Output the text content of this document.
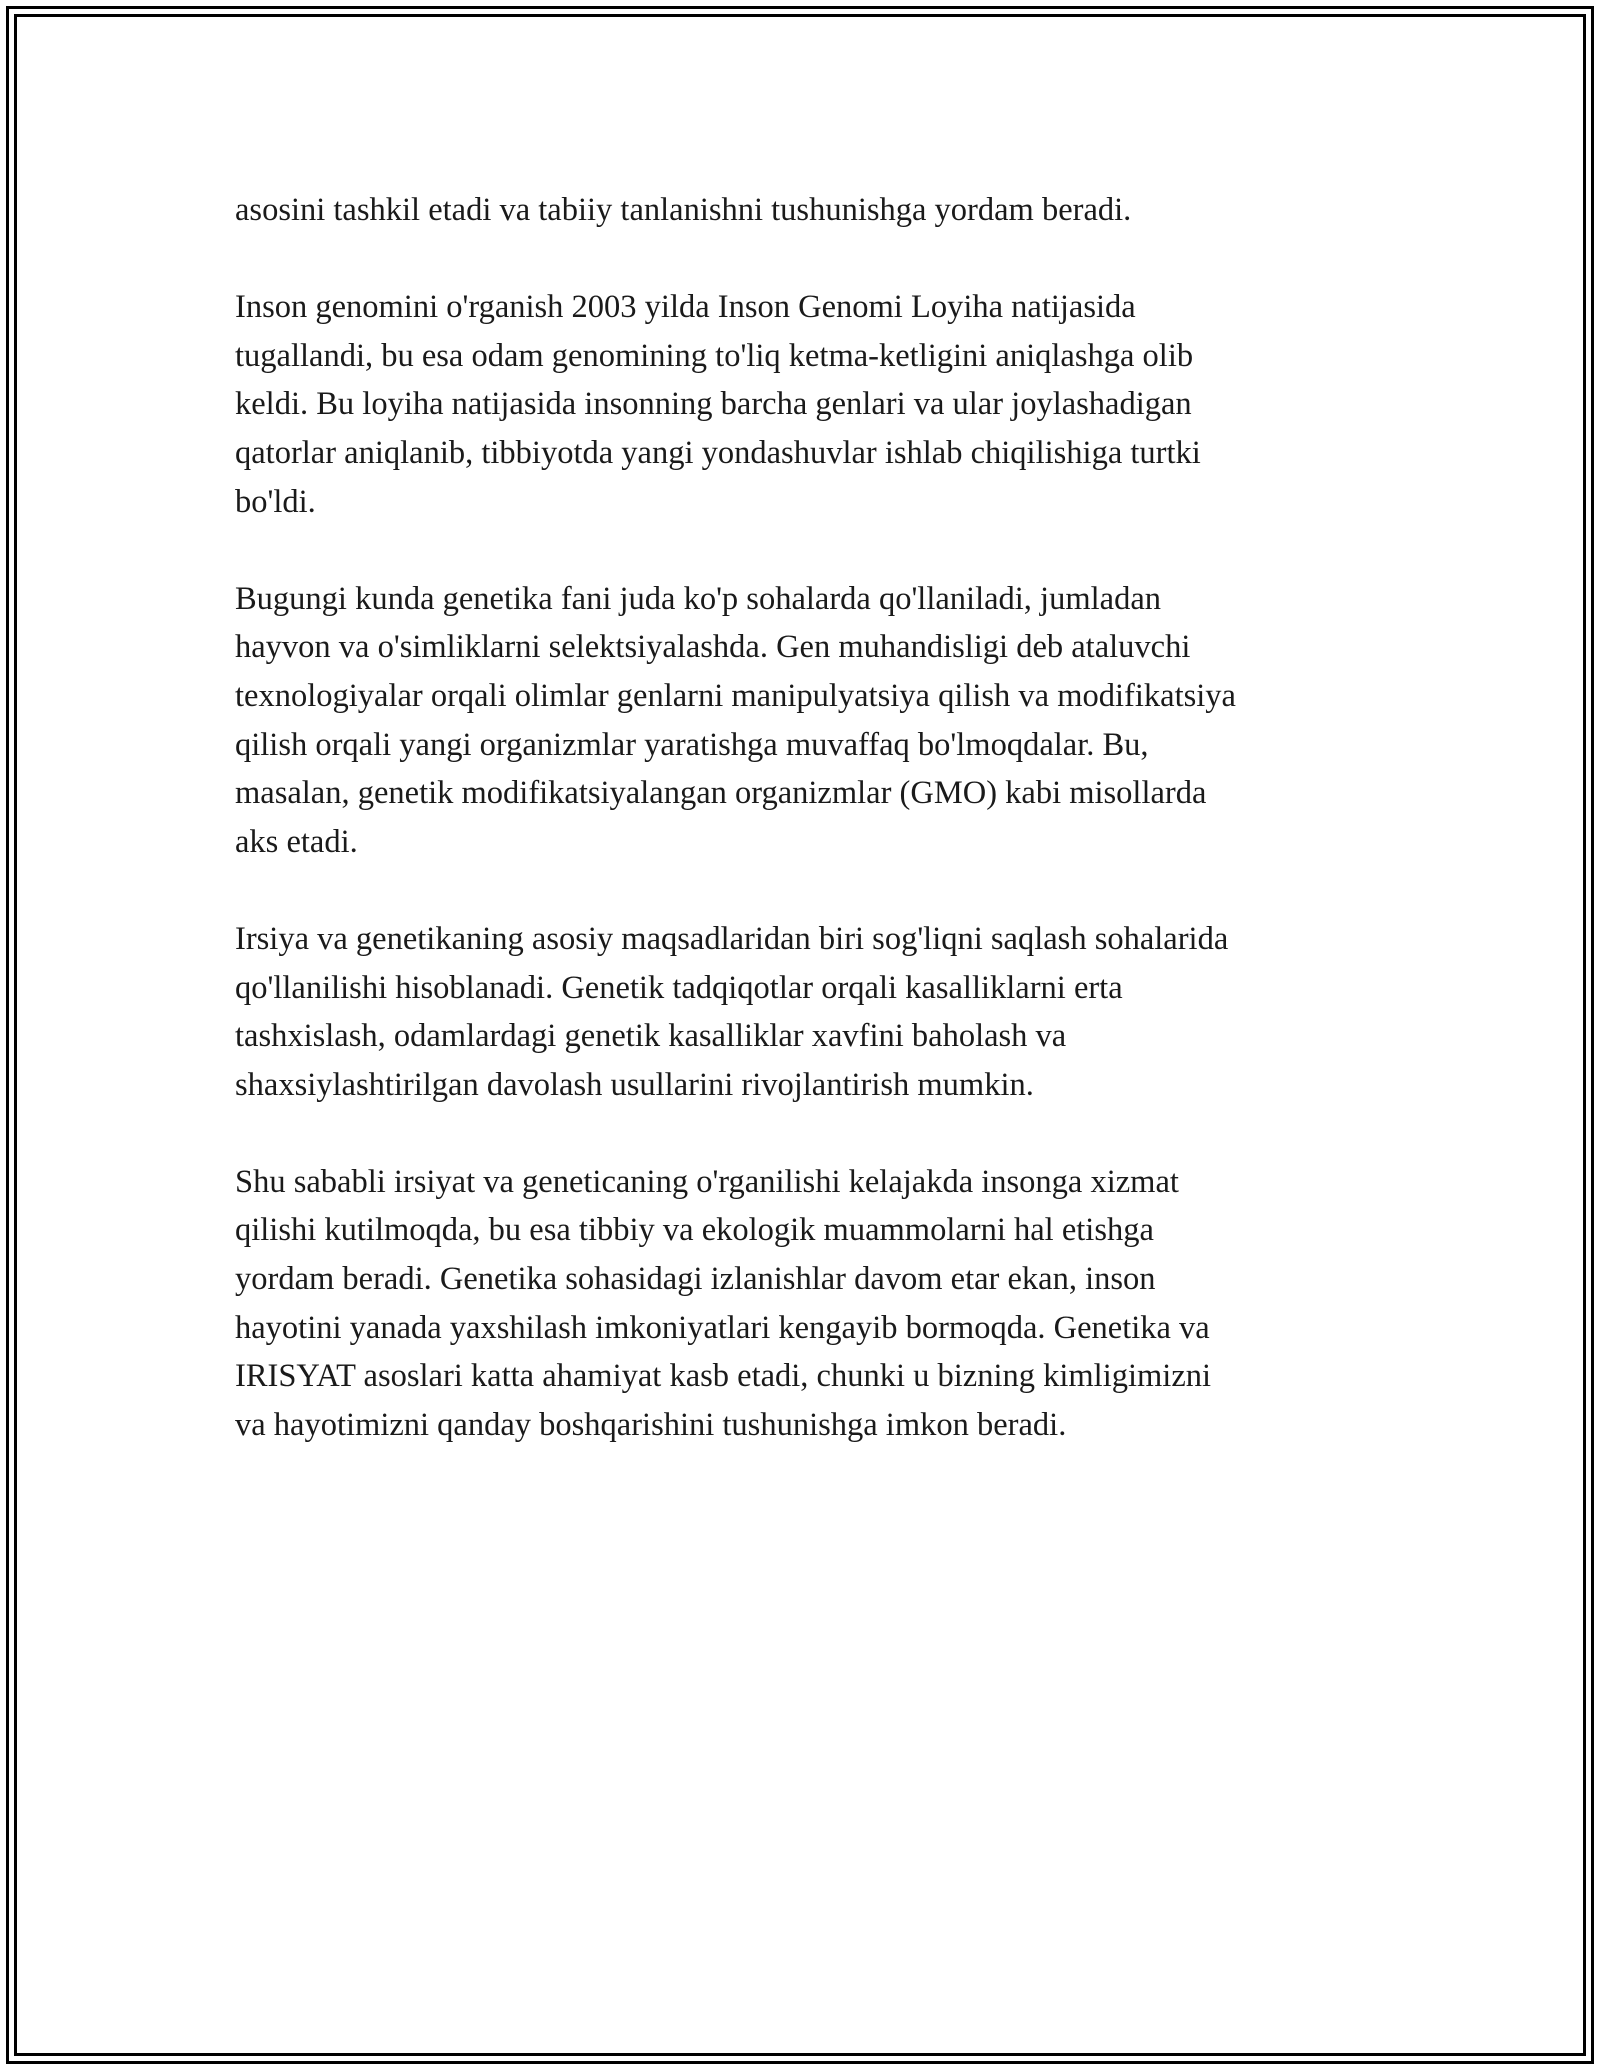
asosini tashkil etadi va tabiiy tanlanishni tushunishga yordam beradi.

Inson genomini o'rganish 2003 yilda Inson Genomi Loyiha natijasida
tugallandi, bu esa odam genomining to'liq ketma-ketligini aniqlashga olib
keldi. Bu loyiha natijasida insonning barcha genlari va ular joylashadigan
qatorlar aniqlanib, tibbiyotda yangi yondashuvlar ishlab chiqilishiga turtki
bo'ldi.

Bugungi kunda genetika fani juda ko'p sohalarda qo'llaniladi, jumladan
hayvon va o'simliklarni selektsiyalashda. Gen muhandisligi deb ataluvchi
texnologiyalar orqali olimlar genlarni manipulyatsiya qilish va modifikatsiya
qilish orqali yangi organizmlar yaratishga muvaffaq bo'lmoqdalar. Bu,
masalan, genetik modifikatsiyalangan organizmlar (GMO) kabi misollarda
aks etadi.

Irsiya va genetikaning asosiy maqsadlaridan biri sog'liqni saqlash sohalarida
qo'llanilishi hisoblanadi. Genetik tadqiqotlar orqali kasalliklarni erta
tashxislash, odamlardagi genetik kasalliklar xavfini baholash va
shaxsiylashtirilgan davolash usullarini rivojlantirish mumkin.

Shu sababli irsiyat va geneticaning o'rganilishi kelajakda insonga xizmat
qilishi kutilmoqda, bu esa tibbiy va ekologik muammolarni hal etishga
yordam beradi. Genetika sohasidagi izlanishlar davom etar ekan, inson
hayotini yanada yaxshilash imkoniyatlari kengayib bormoqda. Genetika va
IRISYAT asoslari katta ahamiyat kasb etadi, chunki u bizning kimligimizni
va hayotimizni qanday boshqarishini tushunishga imkon beradi.
